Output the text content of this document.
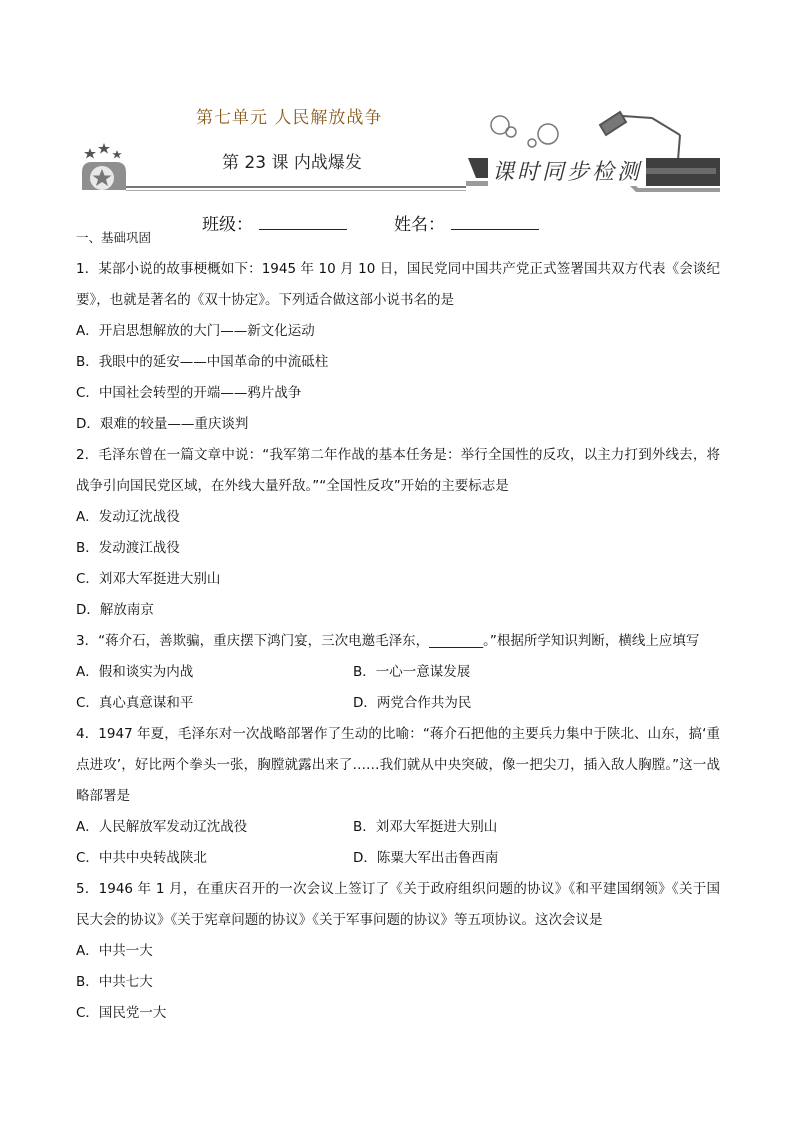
第七单元 人民解放战争
第 23 课 内战爆发	课时同步检测
班级：	姓名：
一、基础巩固
1．某部小说的故事梗概如下：1945 年 10 月 10 日，国民党同中国共产党正式签署国共双方代表《会谈纪要》，也就是著名的《双十协定》。下列适合做这部小说书名的是
A．开启思想解放的大门——新文化运动
B．我眼中的延安——中国革命的中流砥柱
C．中国社会转型的开端——鸦片战争
D．艰难的较量——重庆谈判
2．毛泽东曾在一篇文章中说：“我军第二年作战的基本任务是：举行全国性的反攻，以主力打到外线去，将战争引向国民党区域，在外线大量歼敌。”“全国性反攻”开始的主要标志是
A．发动辽沈战役
B．发动渡江战役
C．刘邓大军挺进大别山
D．解放南京
3．“蒋介石，善欺骗，重庆摆下鸿门宴，三次电邀毛泽东，________。”根据所学知识判断，横线上应填写
A．假和谈实为内战	B．一心一意谋发展
C．真心真意谋和平	D．两党合作共为民
4．1947 年夏，毛泽东对一次战略部署作了生动的比喻：“蒋介石把他的主要兵力集中于陕北、山东，搞‘重点进攻’，好比两个拳头一张，胸膛就露出来了……我们就从中央突破，像一把尖刀，插入敌人胸膛。”这一战略部署是
A．人民解放军发动辽沈战役	B．刘邓大军挺进大别山
C．中共中央转战陕北	D．陈粟大军出击鲁西南
5．1946 年 1 月，在重庆召开的一次会议上签订了《关于政府组织问题的协议》《和平建国纲领》《关于国民大会的协议》《关于宪章问题的协议》《关于军事问题的协议》等五项协议。这次会议是
A．中共一大
B．中共七大
C．国民党一大
